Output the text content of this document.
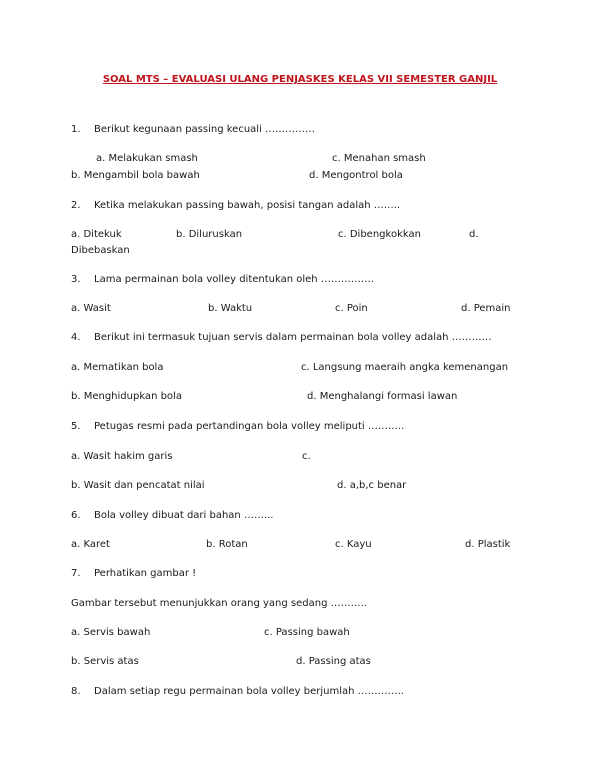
SOAL MTS – EVALUASI ULANG PENJASKES KELAS VII SEMESTER GANJIL
1. Berikut kegunaan passing kecuali ……………
a. Melakukan smash	c. Menahan smash
b. Mengambil bola bawah	d. Mengontrol bola
2. Ketika melakukan passing bawah, posisi tangan adalah ……..
a. Ditekuk	b. Diluruskan	c. Dibengkokkan	d.
Dibebaskan
3. Lama permainan bola volley ditentukan oleh …………….
a. Wasit	b. Waktu	c. Poin	d. Pemain
4. Berikut ini termasuk tujuan servis dalam permainan bola volley adalah …………
a. Mematikan bola	c. Langsung maeraih angka kemenangan
b. Menghidupkan bola	d. Menghalangi formasi lawan
5. Petugas resmi pada pertandingan bola volley meliputi ………..
a. Wasit hakim garis	c.
b. Wasit dan pencatat nilai	d. a,b,c benar
6. Bola volley dibuat dari bahan ……...
a. Karet	b. Rotan	c. Kayu	d. Plastik
7. Perhatikan gambar !
Gambar tersebut menunjukkan orang yang sedang ………..
a. Servis bawah	c. Passing bawah
b. Servis atas	d. Passing atas
8. Dalam setiap regu permainan bola volley berjumlah …………..
